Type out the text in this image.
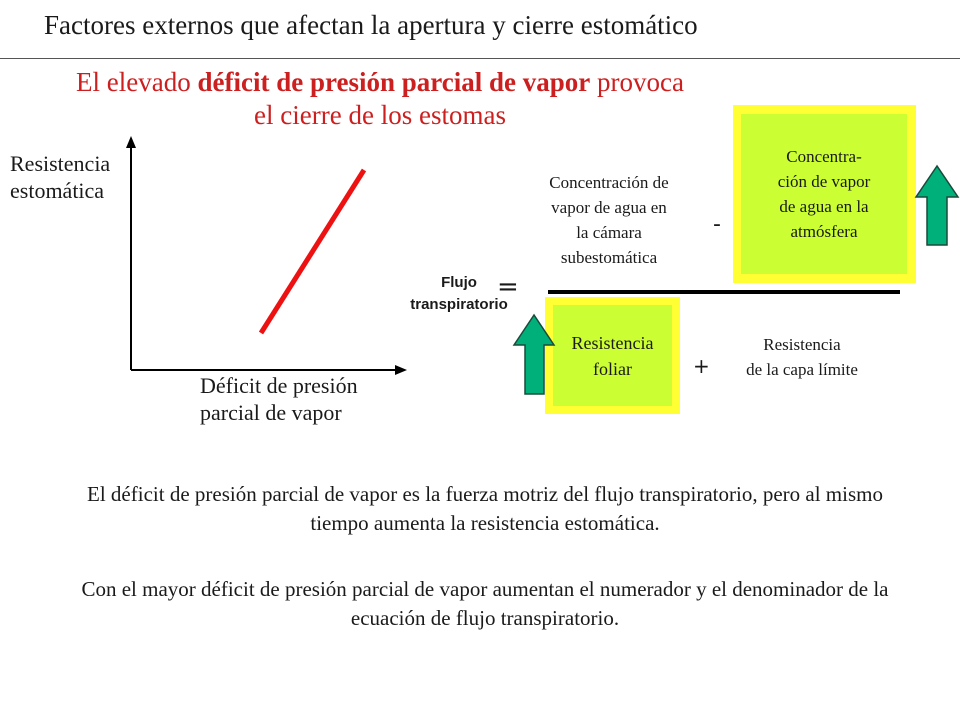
Factores externos que afectan la apertura y cierre estomático
El elevado déficit de presión parcial de vapor provoca
el cierre de los estomas
Resistencia
estomática
Déficit de presión
parcial de vapor
Concentración de
vapor de agua en
la cámara
subestomática
-
Concentra-
ción de vapor
de agua en la
atmósfera
Flujo
transpiratorio
=
Resistencia
foliar	+
Resistencia
de la capa límite
El déficit de presión parcial de vapor es la fuerza motriz del flujo transpiratorio, pero al mismo tiempo aumenta la resistencia estomática.
Con el mayor déficit de presión parcial de vapor aumentan el numerador y el denominador de la ecuación de flujo transpiratorio.
